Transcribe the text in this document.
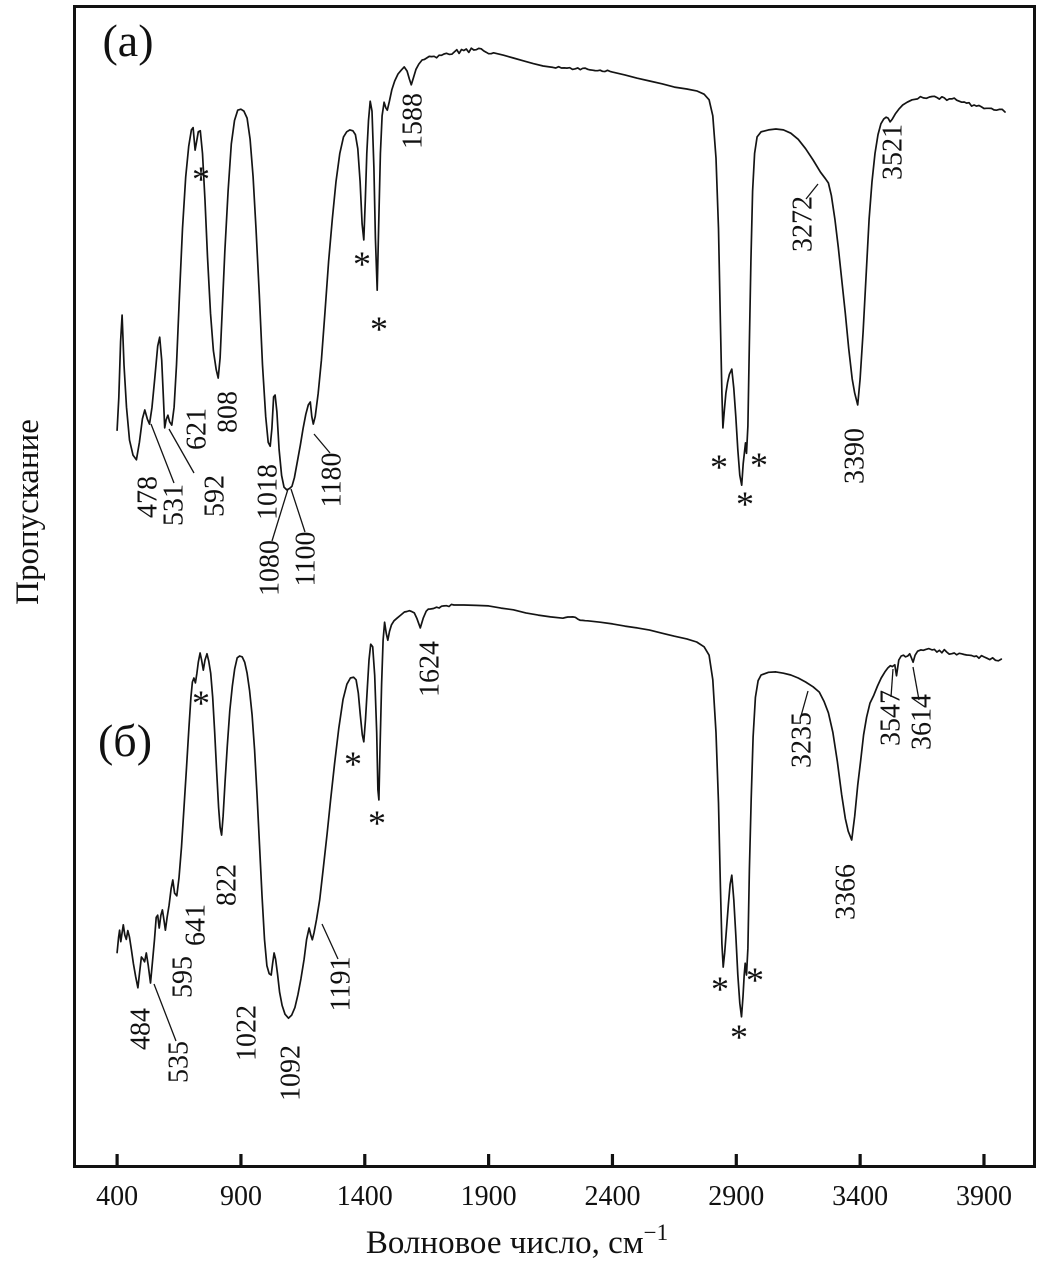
(а)
(б)
Пропускание
Волновое число, $см^{-1}$
400	900	1400 1900 2400 2900 3400 3900
478
531 592
621 808
1018
1080 1100
1180
1588
3272
3390
3521
*
*
*
* *
*
484
535
595
641
822
1022
1092
1191
1624
3235
3366
3547 3614
*
*
*
* *
*
